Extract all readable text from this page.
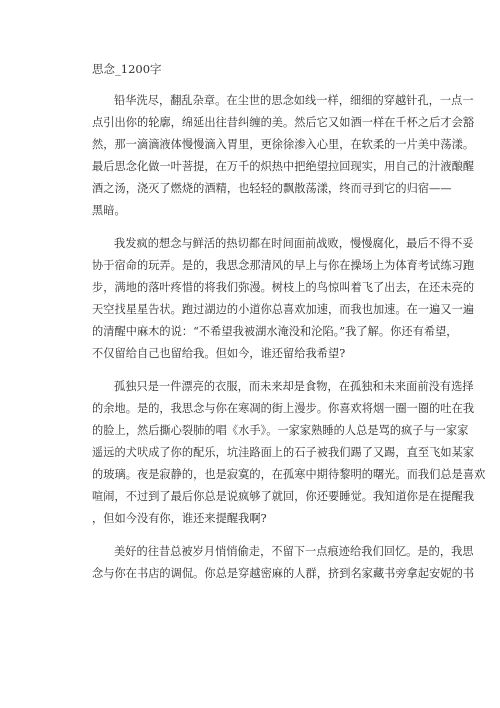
思念_1200字
铅华洗尽，翻乱杂章。在尘世的思念如线一样，细细的穿越针孔，一点一
点引出你的轮廓，绵延出往昔纠缠的美。然后它又如酒一样在千杯之后才会豁
然，那一滴滴液体慢慢滴入胃里，更徐徐渗入心里，在软柔的一片美中荡漾。
最后思念化做一叶菩提，在万千的炽热中把绝望拉回现实，用自己的汁液酿醒
酒之汤，浇灭了燃烧的酒精，也轻轻的飘散荡漾，终而寻到它的归宿——
黑暗。
我发疯的想念与鲜活的热切都在时间面前战败，慢慢腐化，最后不得不妥
协于宿命的玩弄。是的，我思念那清风的早上与你在操场上为体育考试练习跑
步，满地的落叶疼惜的将我们弥漫。树枝上的鸟惊叫着飞了出去，在还未亮的
天空找星星告状。跑过湖边的小道你总喜欢加速，而我也加速。在一遍又一遍
的清醒中麻木的说：“不希望我被湖水淹没和沦陷。”我了解。你还有希望，
不仅留给自己也留给我。但如今，谁还留给我希望?
孤独只是一件漂亮的衣服，而未来却是食物，在孤独和未来面前没有选择
的余地。是的，我思念与你在寒凋的街上漫步。你喜欢将烟一圈一圈的吐在我
的脸上，然后撕心裂肺的唱《水手》。一家家熟睡的人总是骂的疯子与一家家
遥远的犬吠成了你的配乐，坑洼路面上的石子被我们踢了又踢，直至飞如某家
的玻璃。夜是寂静的，也是寂寞的，在孤寒中期待黎明的曙光。而我们总是喜欢
喧闹，不过到了最后你总是说疯够了就回，你还要睡觉。我知道你是在提醒我
，但如今没有你，谁还来提醒我啊?
美好的往昔总被岁月悄悄偷走，不留下一点痕迹给我们回忆。是的，我思
念与你在书店的调侃。你总是穿越密麻的人群，挤到名家藏书旁拿起安妮的书
